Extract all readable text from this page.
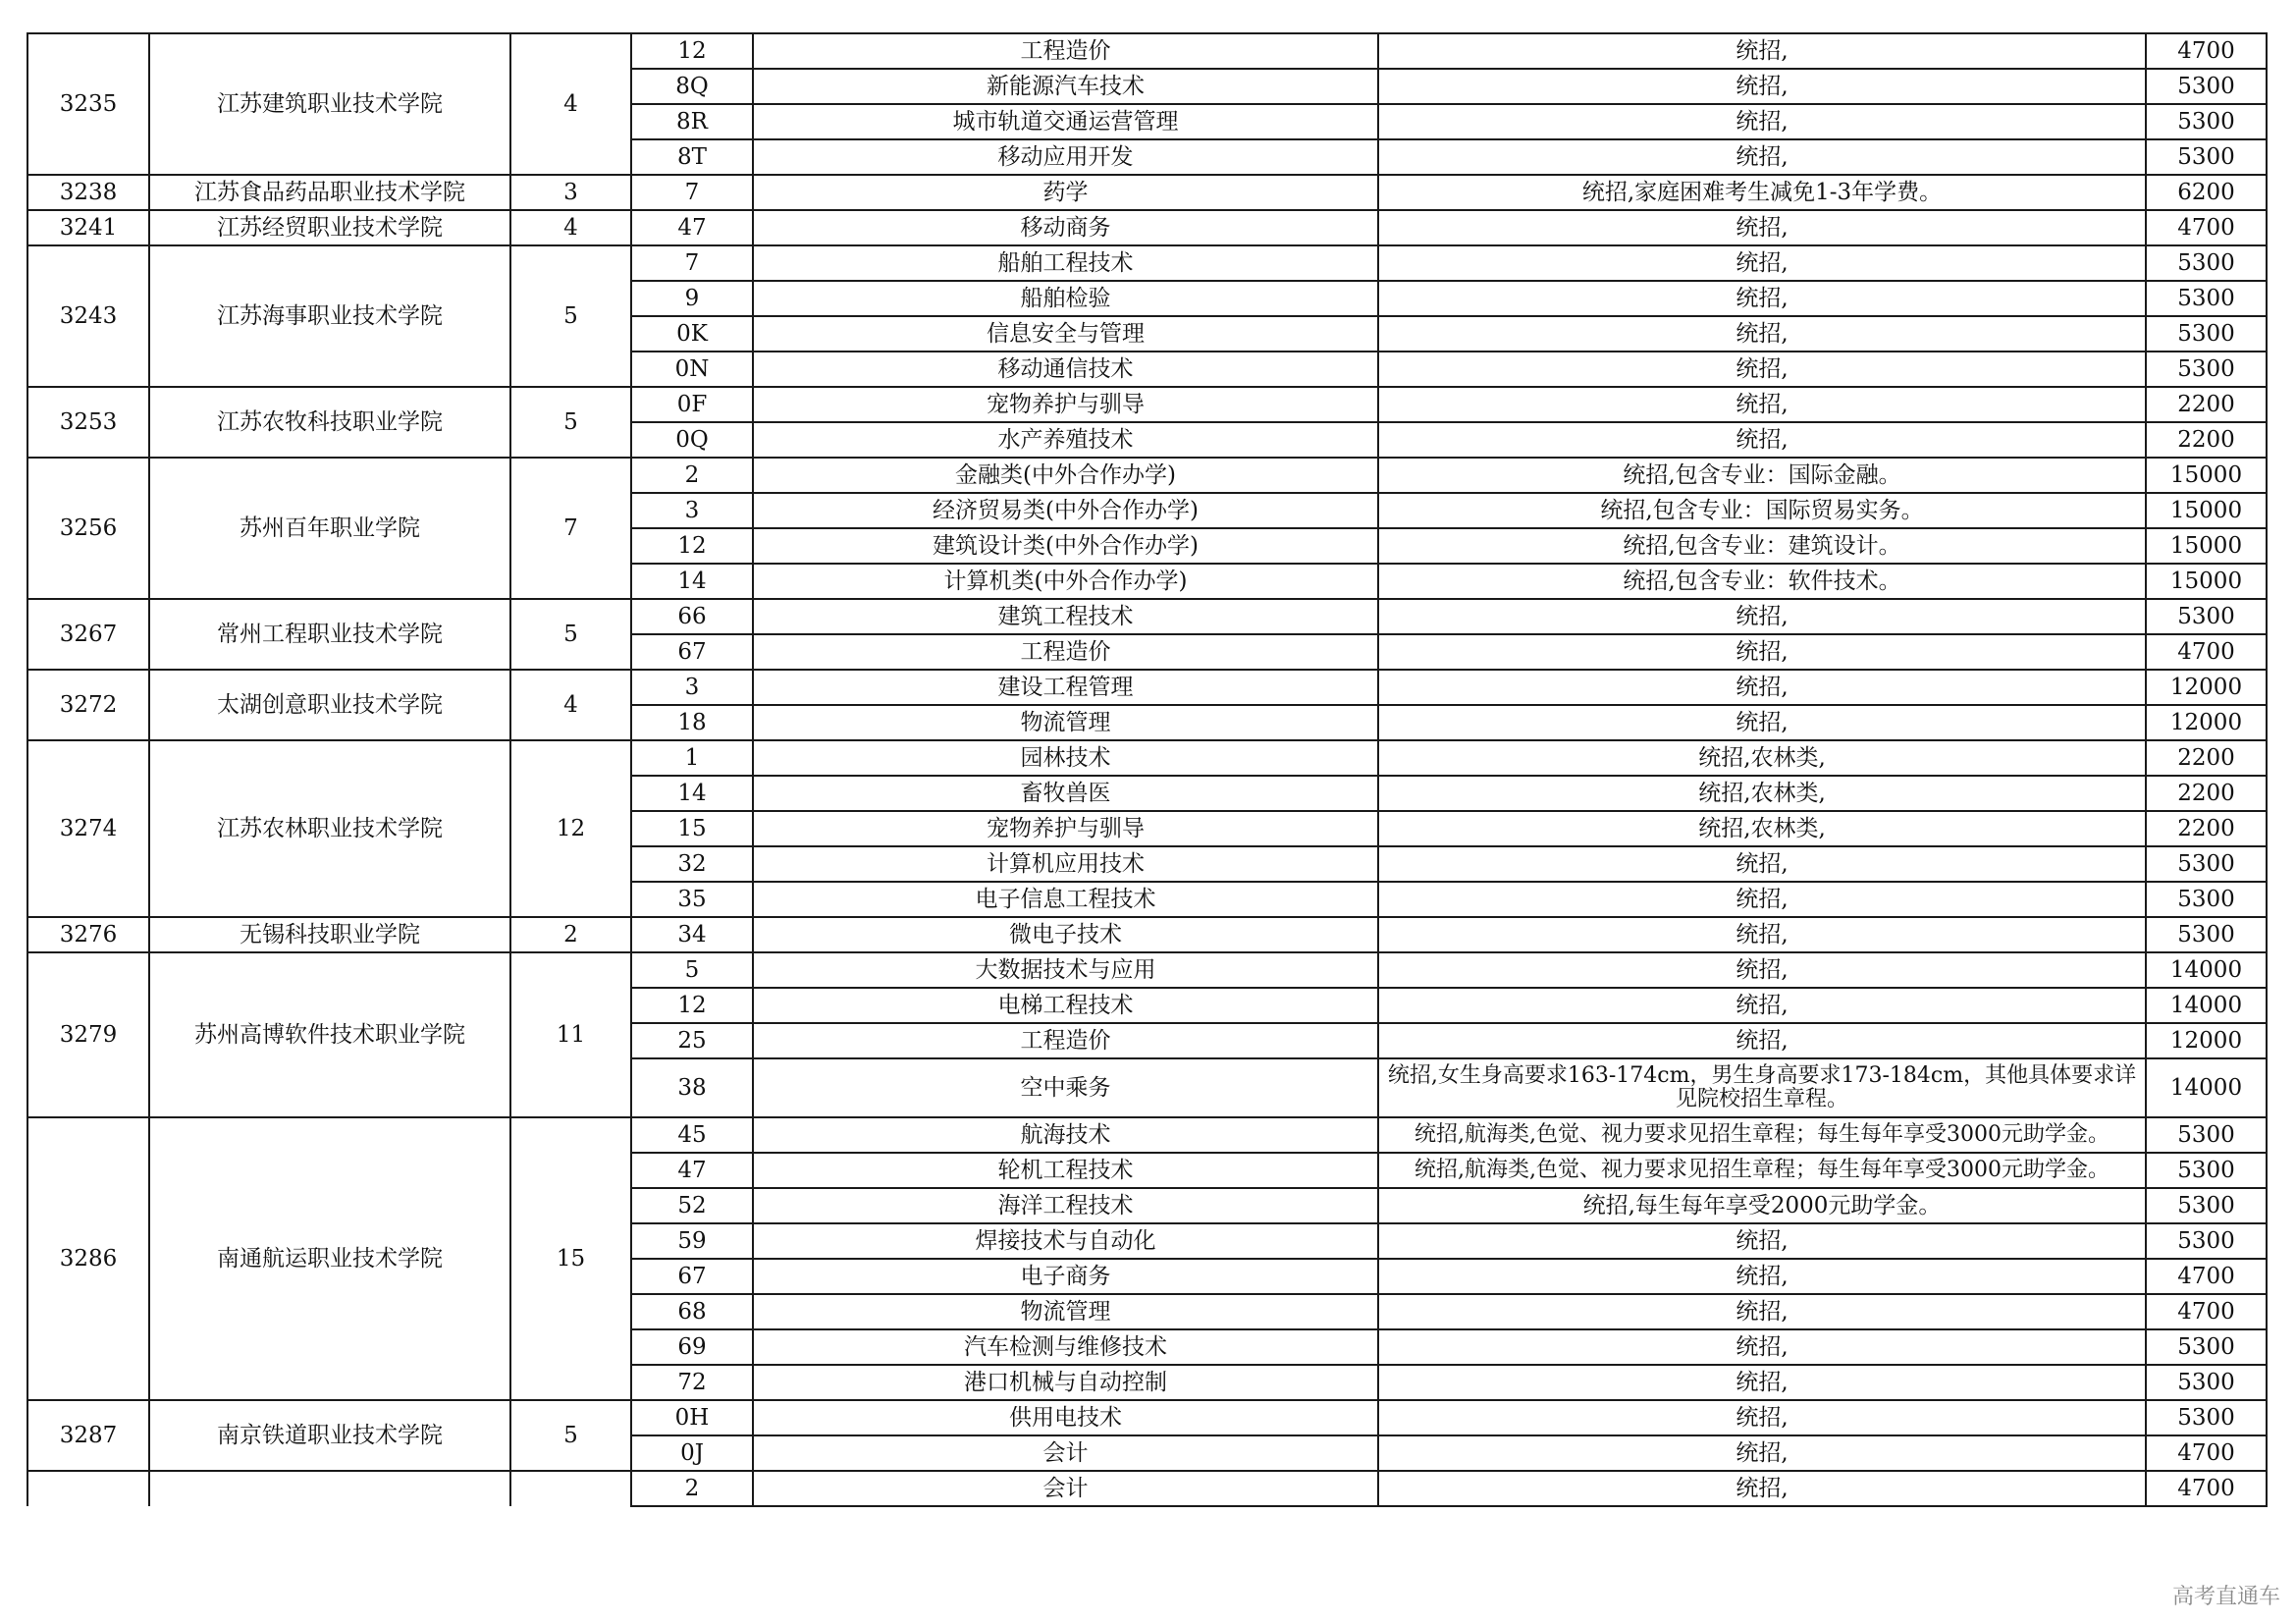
3235	江苏建筑职业技术学院	4	12	工程造价	统招,	4700
			8Q	新能源汽车技术	统招,	5300
			8R	城市轨道交通运营管理	统招,	5300
			8T	移动应用开发	统招,	5300
3238	江苏食品药品职业技术学院	3	7	药学	统招,家庭困难考生减免1-3年学费。	6200
3241	江苏经贸职业技术学院	4	47	移动商务	统招,	4700
3243	江苏海事职业技术学院	5	7	船舶工程技术	统招,	5300
			9	船舶检验	统招,	5300
			0K	信息安全与管理	统招,	5300
			0N	移动通信技术	统招,	5300
3253	江苏农牧科技职业学院	5	0F	宠物养护与驯导	统招,	2200
			0Q	水产养殖技术	统招,	2200
3256	苏州百年职业学院	7	2	金融类(中外合作办学)	统招,包含专业：国际金融。	15000
			3	经济贸易类(中外合作办学)	统招,包含专业：国际贸易实务。	15000
			12	建筑设计类(中外合作办学)	统招,包含专业：建筑设计。	15000
			14	计算机类(中外合作办学)	统招,包含专业：软件技术。	15000
3267	常州工程职业技术学院	5	66	建筑工程技术	统招,	5300
			67	工程造价	统招,	4700
3272	太湖创意职业技术学院	4	3	建设工程管理	统招,	12000
			18	物流管理	统招,	12000
3274	江苏农林职业技术学院	12	1	园林技术	统招,农林类,	2200
			14	畜牧兽医	统招,农林类,	2200
			15	宠物养护与驯导	统招,农林类,	2200
			32	计算机应用技术	统招,	5300
			35	电子信息工程技术	统招,	5300
3276	无锡科技职业学院	2	34	微电子技术	统招,	5300
3279	苏州高博软件技术职业学院	11	5	大数据技术与应用	统招,	14000
			12	电梯工程技术	统招,	14000
			25	工程造价	统招,	12000
			38	空中乘务	统招,女生身高要求163-174cm，男生身高要求173-184cm，其他具体要求详见院校招生章程。	14000
3286	南通航运职业技术学院	15	45	航海技术	统招,航海类,色觉、视力要求见招生章程；每生每年享受3000元助学金。	5300
			47	轮机工程技术	统招,航海类,色觉、视力要求见招生章程；每生每年享受3000元助学金。	5300
			52	海洋工程技术	统招,每生每年享受2000元助学金。	5300
			59	焊接技术与自动化	统招,	5300
			67	电子商务	统招,	4700
			68	物流管理	统招,	4700
			69	汽车检测与维修技术	统招,	5300
			72	港口机械与自动控制	统招,	5300
3287	南京铁道职业技术学院	5	0H	供用电技术	统招,	5300
			0J	会计	统招,	4700
			2	会计	统招,	4700
高考直通车
